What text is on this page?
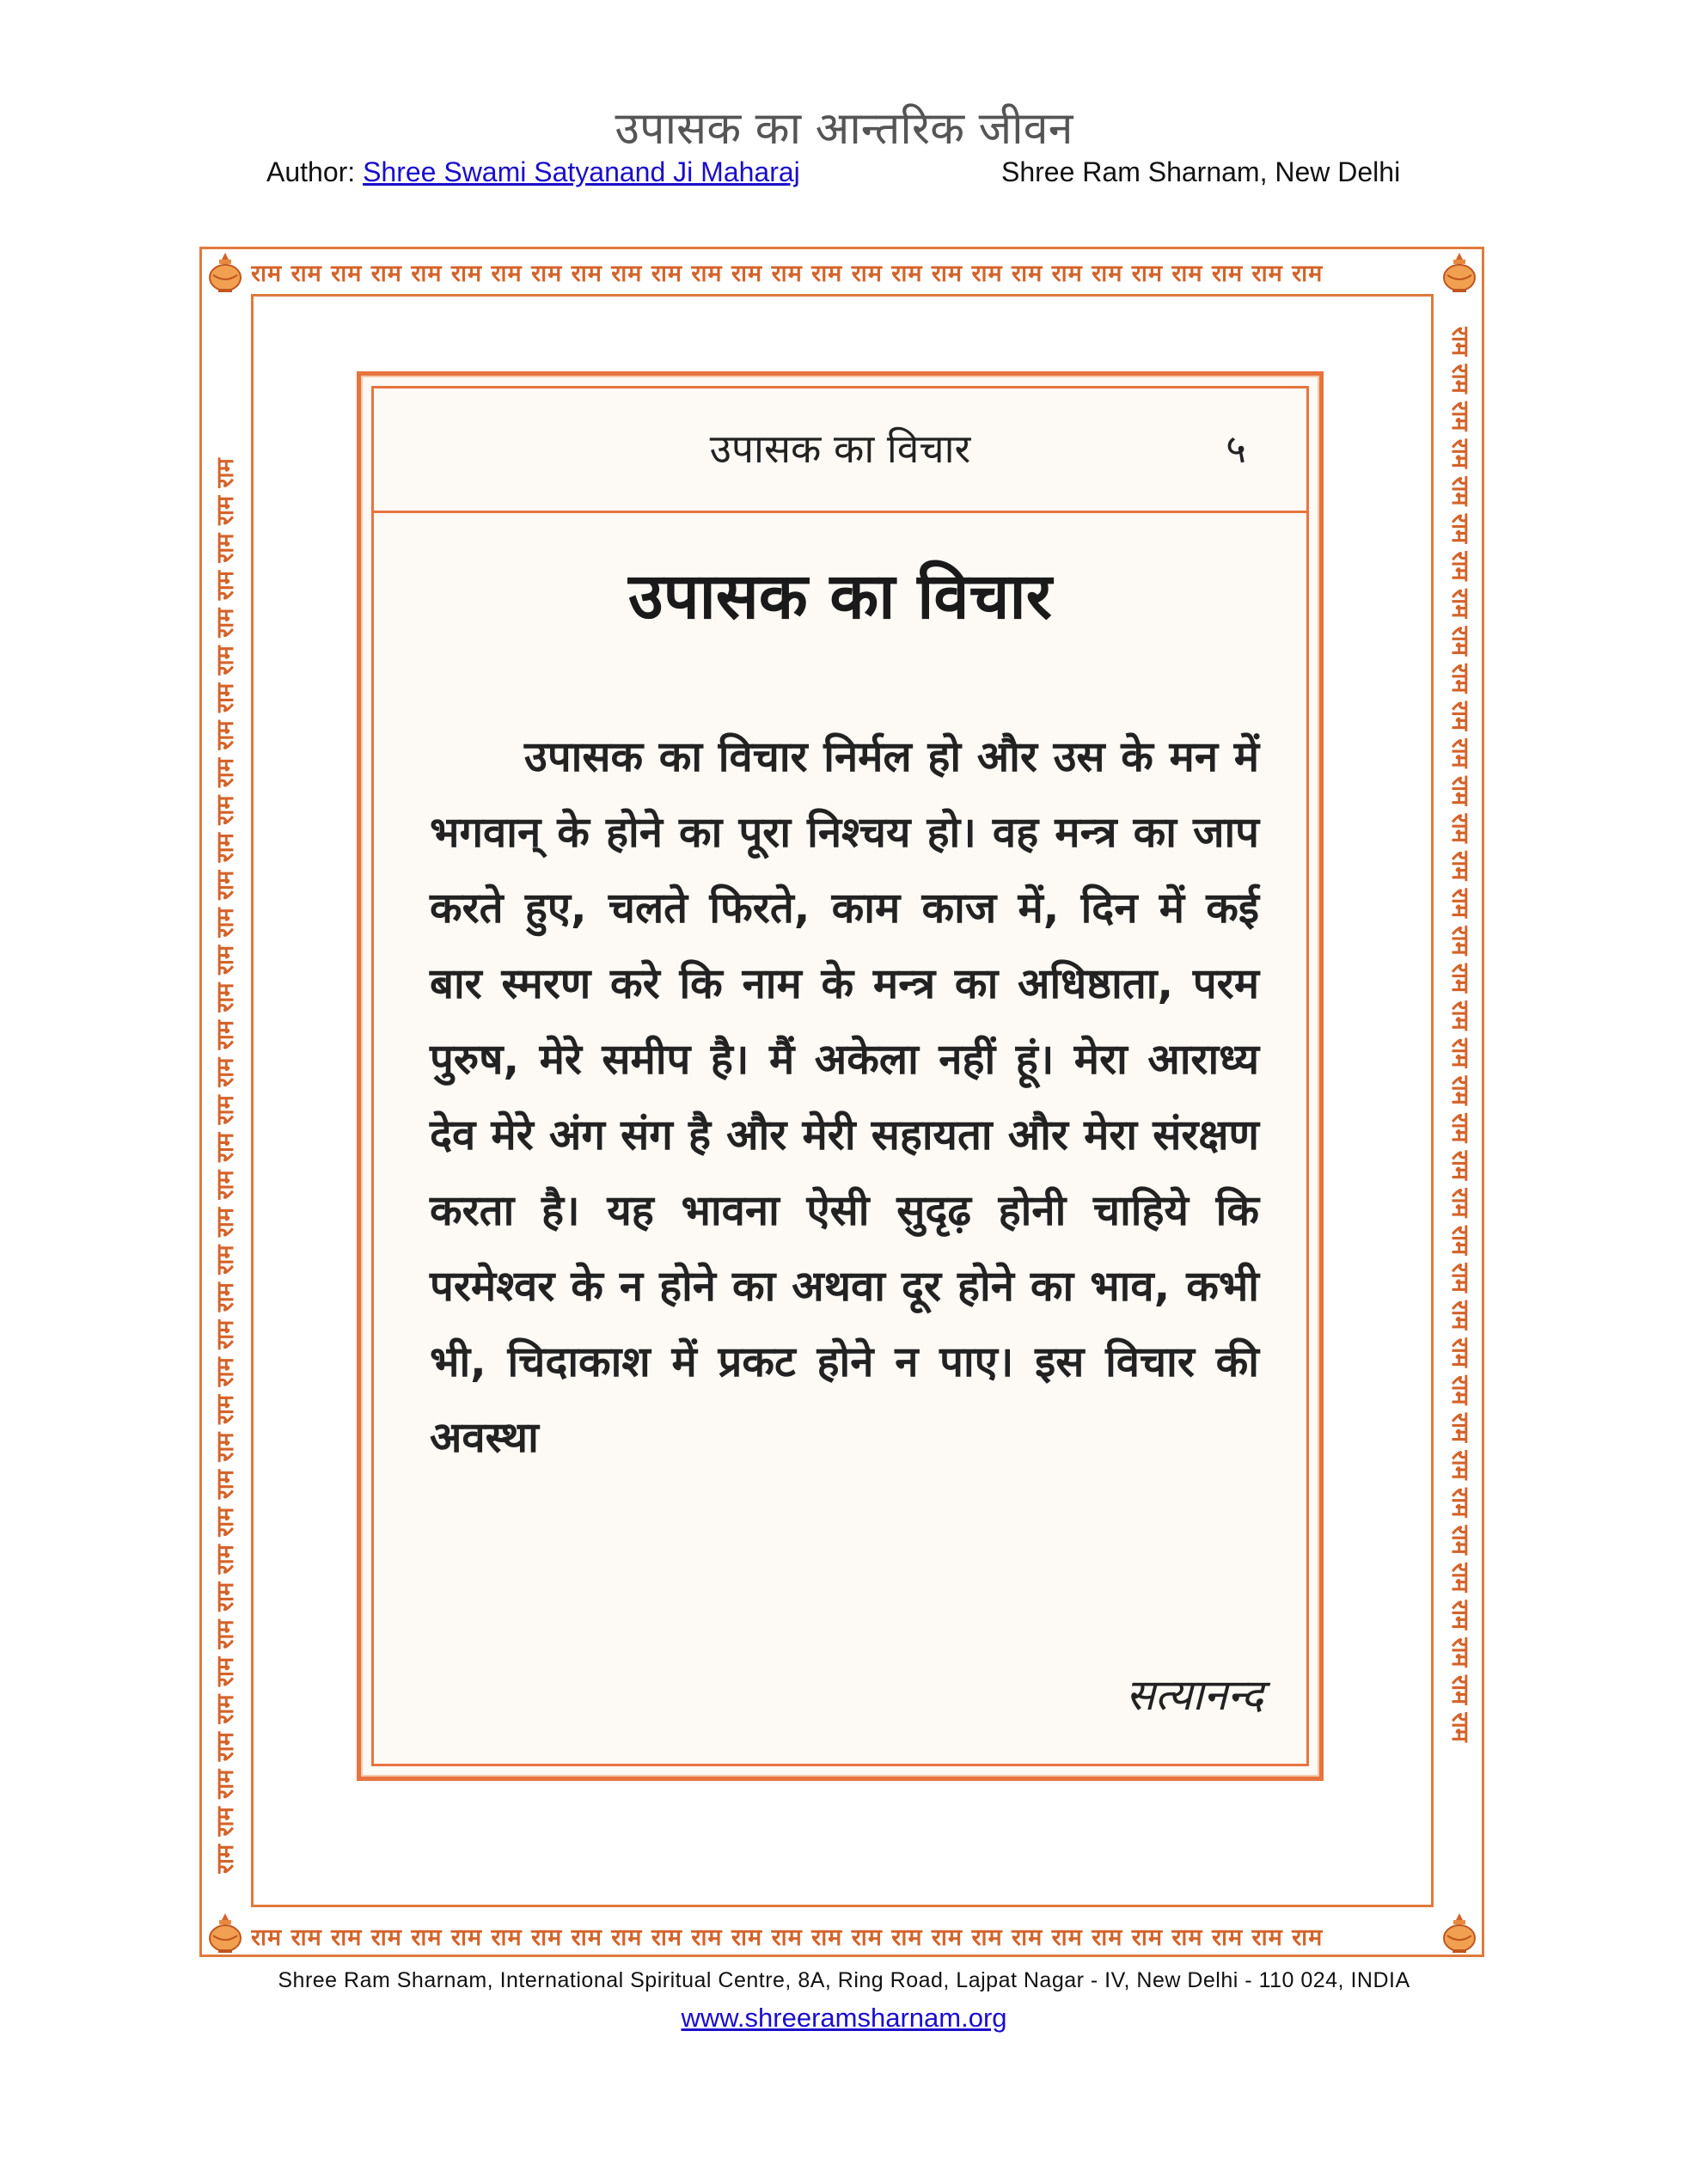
उपासक का आन्तरिक जीवन
Author: Shree Swami Satyanand Ji Maharaj	Shree Ram Sharnam, New Delhi
राम राम राम राम राम राम राम राम राम राम राम राम राम राम राम राम राम राम राम राम राम राम राम राम राम राम राम
राम राम राम राम राम राम राम राम राम राम राम राम राम राम राम राम राम राम राम राम राम राम राम राम राम राम राम
राम राम राम राम राम राम राम राम राम राम राम राम राम राम राम राम राम राम राम राम राम राम राम राम राम राम राम राम राम राम राम राम राम राम राम राम राम राम	राम राम राम राम राम राम राम राम राम राम राम राम राम राम राम राम राम राम राम राम राम राम राम राम राम राम राम राम राम राम राम राम राम राम राम राम राम राम
उपासक का विचार	५
उपासक का विचार
उपासक का विचार निर्मल हो और उस के मन में भगवान् के होने का पूरा निश्चय हो। वह मन्त्र का जाप करते हुए, चलते फिरते, काम काज में, दिन में कई बार स्मरण करे कि नाम के मन्त्र का अधिष्ठाता, परम पुरुष, मेरे समीप है। मैं अकेला नहीं हूं। मेरा आराध्य देव मेरे अंग संग है और मेरी सहायता और मेरा संरक्षण करता है। यह भावना ऐसी सुदृढ़ होनी चाहिये कि परमेश्वर के न होने का अथवा दूर होने का भाव, कभी भी, चिदाकाश में प्रकट होने न पाए। इस विचार की अवस्था
सत्यानन्द
Shree Ram Sharnam, International Spiritual Centre, 8A, Ring Road, Lajpat Nagar - IV, New Delhi - 110 024, INDIA
www.shreeramsharnam.org
